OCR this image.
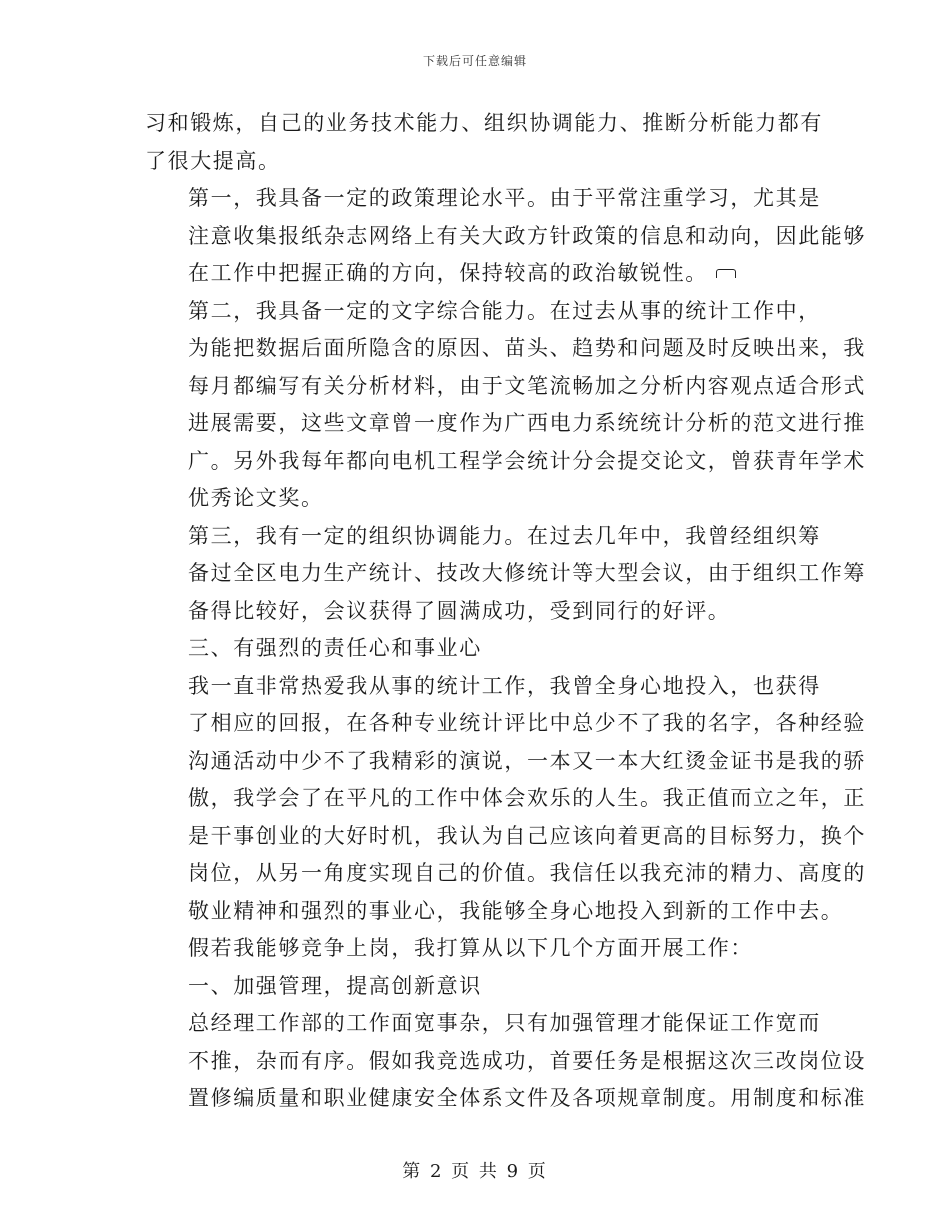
下载后可任意编辑
习和锻炼，自己的业务技术能力、组织协调能力、推断分析能力都有
了很大提高。
第一，我具备一定的政策理论水平。由于平常注重学习，尤其是
注意收集报纸杂志网络上有关大政方针政策的信息和动向，因此能够
在工作中把握正确的方向，保持较高的政治敏锐性。
第二，我具备一定的文字综合能力。在过去从事的统计工作中，
为能把数据后面所隐含的原因、苗头、趋势和问题及时反映出来，我
每月都编写有关分析材料，由于文笔流畅加之分析内容观点适合形式
进展需要，这些文章曾一度作为广西电力系统统计分析的范文进行推
广。另外我每年都向电机工程学会统计分会提交论文，曾获青年学术
优秀论文奖。
第三，我有一定的组织协调能力。在过去几年中，我曾经组织筹
备过全区电力生产统计、技改大修统计等大型会议，由于组织工作筹
备得比较好，会议获得了圆满成功，受到同行的好评。
三、有强烈的责任心和事业心
我一直非常热爱我从事的统计工作，我曾全身心地投入，也获得
了相应的回报，在各种专业统计评比中总少不了我的名字，各种经验
沟通活动中少不了我精彩的演说，一本又一本大红烫金证书是我的骄
傲，我学会了在平凡的工作中体会欢乐的人生。我正值而立之年，正
是干事创业的大好时机，我认为自己应该向着更高的目标努力，换个
岗位，从另一角度实现自己的价值。我信任以我充沛的精力、高度的
敬业精神和强烈的事业心，我能够全身心地投入到新的工作中去。
假若我能够竞争上岗，我打算从以下几个方面开展工作：
一、加强管理，提高创新意识
总经理工作部的工作面宽事杂，只有加强管理才能保证工作宽而
不推，杂而有序。假如我竞选成功，首要任务是根据这次三改岗位设
置修编质量和职业健康安全体系文件及各项规章制度。用制度和标准
第 2 页 共 9 页
